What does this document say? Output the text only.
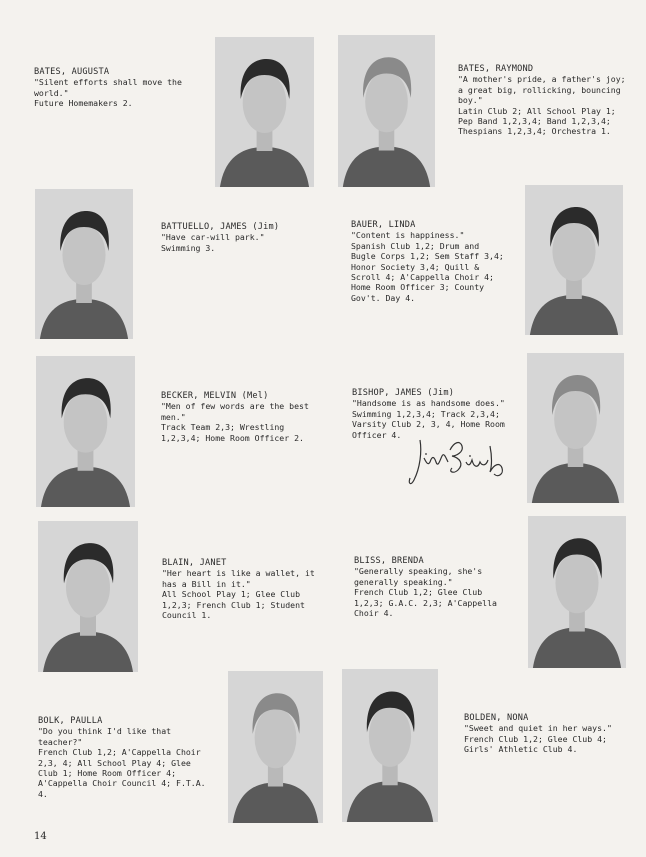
BATES, AUGUSTA
"Silent efforts shall move the world."
Future Homemakers 2.
BATES, RAYMOND
"A mother's pride, a father's joy; a great big, rollicking, bouncing boy."
Latin Club 2; All School Play 1; Pep Band 1,2,3,4; Band 1,2,3,4; Thespians 1,2,3,4; Orchestra 1.
BATTUELLO, JAMES (Jim)
"Have car-will park."
Swimming 3.
BAUER, LINDA
"Content is happiness."
Spanish Club 1,2; Drum and Bugle Corps 1,2; Sem Staff 3,4; Honor Society 3,4; Quill & Scroll 4; A'Cappella Choir 4; Home Room Officer 3; County Gov't. Day 4.
BECKER, MELVIN (Mel)
"Men of few words are the best men."
Track Team 2,3; Wrestling 1,2,3,4; Home Room Officer 2.
BISHOP, JAMES (Jim)
"Handsome is as handsome does."
Swimming 1,2,3,4; Track 2,3,4; Varsity Club 2, 3, 4, Home Room Officer 4.
BLAIN, JANET
"Her heart is like a wallet, it has a Bill in it."
All School Play 1; Glee Club 1,2,3; French Club 1; Student Council 1.
BLISS, BRENDA
"Generally speaking, she's generally speaking."
French Club 1,2; Glee Club 1,2,3; G.A.C. 2,3; A'Cappella Choir 4.
BOLK, PAULLA
"Do you think I'd like that teacher?"
French Club 1,2; A'Cappella Choir 2,3, 4; All School Play 4; Glee Club 1; Home Room Officer 4; A'Cappella Choir Council 4; F.T.A. 4.
BOLDEN, NONA
"Sweet and quiet in her ways."
French Club 1,2; Glee Club 4; Girls' Athletic Club 4.
14
